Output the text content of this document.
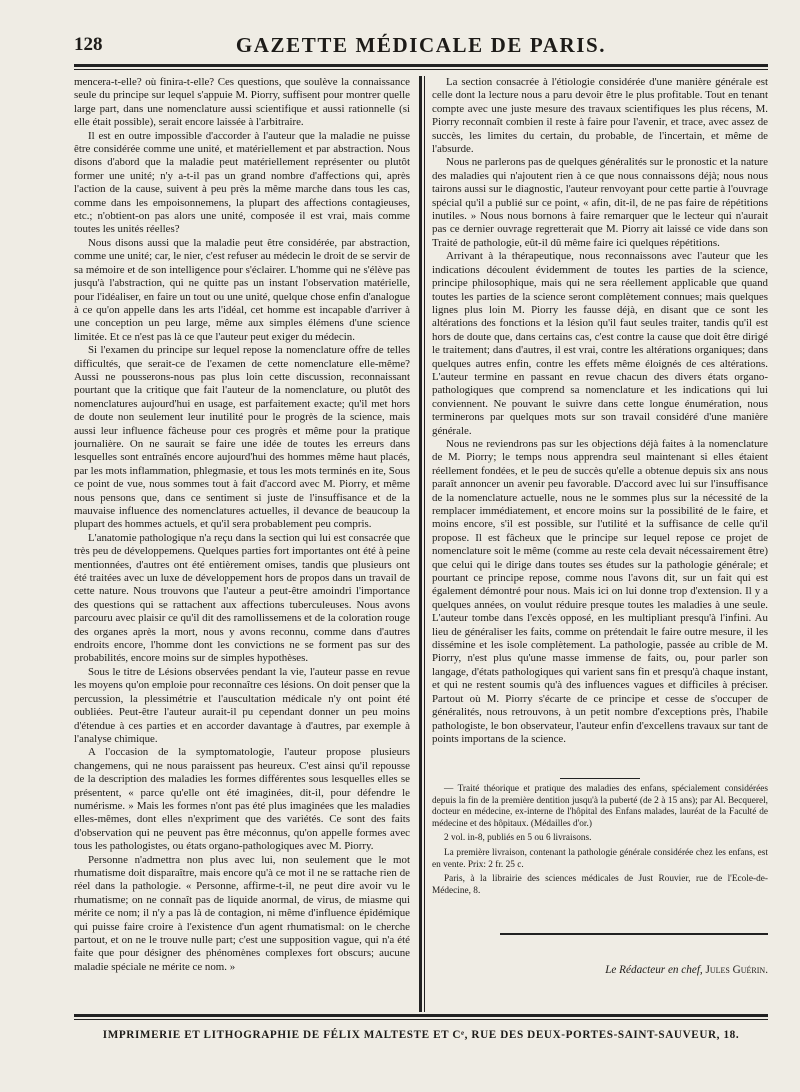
128	GAZETTE MÉDICALE DE PARIS.

mencera-t-elle? où finira-t-elle? Ces questions, que soulève la connaissance seule du principe sur lequel s'appuie M. Piorry, suffisent pour montrer quelle large part, dans une nomenclature aussi scientifique et aussi rationnelle (si elle était possible), serait encore laissée à l'arbitraire.

Il est en outre impossible d'accorder à l'auteur que la maladie ne puisse être considérée comme une unité, et matériellement et par abstraction. Nous disons d'abord que la maladie peut matériellement représenter ou plutôt former une unité; n'y a-t-il pas un grand nombre d'affections qui, après l'action de la cause, suivent à peu près la même marche dans tous les cas, comme dans les empoisonnemens, la plupart des affections contagieuses, etc.; n'obtient-on pas alors une unité, composée il est vrai, mais comme toutes les unités réelles?

Nous disons aussi que la maladie peut être considérée, par abstraction, comme une unité; car, le nier, c'est refuser au médecin le droit de se servir de sa mémoire et de son intelligence pour s'éclairer. L'homme qui ne s'élève pas jusqu'à l'abstraction, qui ne quitte pas un instant l'observation matérielle, pour l'idéaliser, en faire un tout ou une unité, quelque chose enfin d'analogue à ce qu'on appelle dans les arts l'idéal, cet homme est incapable d'arriver à une conception un peu large, même aux simples élémens d'une science limitée. Et ce n'est pas là ce que l'auteur peut exiger du médecin.

Si l'examen du principe sur lequel repose la nomenclature offre de telles difficultés, que serait-ce de l'examen de cette nomenclature elle-même? Aussi ne pousserons-nous pas plus loin cette discussion, reconnaissant pourtant que la critique que fait l'auteur de la nomenclature, ou plutôt des nomenclatures aujourd'hui en usage, est parfaitement exacte; qu'il met hors de doute non seulement leur inutilité pour le progrès de la science, mais aussi leur influence fâcheuse pour ces progrès et même pour la pratique journalière. On ne saurait se faire une idée de toutes les erreurs dans lesquelles sont entraînés encore aujourd'hui des hommes même haut placés, par les mots inflammation, phlegmasie, et tous les mots terminés en ite, Sous ce point de vue, nous sommes tout à fait d'accord avec M. Piorry, et même nous pensons que, dans ce sentiment si juste de l'insuffisance et de la mauvaise influence des nomenclatures actuelles, il devance de beaucoup la plupart des hommes actuels, et qu'il sera probablement peu compris.

L'anatomie pathologique n'a reçu dans la section qui lui est consacrée que très peu de développemens. Quelques parties fort importantes ont été à peine mentionnées, d'autres ont été entièrement omises, tandis que plusieurs ont été traitées avec un luxe de développement hors de propos dans un travail de cette nature. Nous trouvons que l'auteur a peut-être amoindri l'importance des questions qui se rattachent aux affections tuberculeuses. Nous avons parcouru avec plaisir ce qu'il dit des ramollissemens et de la coloration rouge des organes après la mort, nous y avons reconnu, comme dans d'autres endroits encore, l'homme dont les convictions ne se forment pas sur des probabilités, encore moins sur de simples hypothèses.

Sous le titre de Lésions observées pendant la vie, l'auteur passe en revue les moyens qu'on emploie pour reconnaître ces lésions. On doit penser que la percussion, la plessimétrie et l'auscultation médicale n'y ont point été oubliées. Peut-être l'auteur aurait-il pu cependant donner un peu moins d'étendue à ces parties et en accorder davantage à d'autres, par exemple à l'analyse chimique.

A l'occasion de la symptomatologie, l'auteur propose plusieurs changemens, qui ne nous paraissent pas heureux. C'est ainsi qu'il repousse de la description des maladies les formes différentes sous lesquelles elles se présentent, « parce qu'elle ont été imaginées, dit-il, pour défendre le numérisme. » Mais les formes n'ont pas été plus imaginées que les maladies elles-mêmes, dont elles n'expriment que des variétés. Ce sont des faits d'observation qui ne peuvent pas être méconnus, qu'on appelle formes avec tous les pathologistes, ou états organo-pathologiques avec M. Piorry.

Personne n'admettra non plus avec lui, non seulement que le mot rhumatisme doit disparaître, mais encore qu'à ce mot il ne se rattache rien de réel dans la pathologie. « Personne, affirme-t-il, ne peut dire avoir vu le rhumatisme; on ne connaît pas de liquide anormal, de virus, de miasme qui mérite ce nom; il n'y a pas là de contagion, ni même d'influence épidémique qui puisse faire croire à l'existence d'un agent rhumatismal: on le cherche partout, et on ne le trouve nulle part; c'est une supposition vague, qui n'a été faite que pour désigner des phénomènes complexes fort obscurs; aucune maladie spéciale ne mérite ce nom. »

La section consacrée à l'étiologie considérée d'une manière générale est celle dont la lecture nous a paru devoir être le plus profitable. Tout en tenant compte avec une juste mesure des travaux scientifiques les plus récens, M. Piorry reconnaît combien il reste à faire pour l'avenir, et trace, avec assez de succès, les limites du certain, du probable, de l'incertain, et même de l'absurde.

Nous ne parlerons pas de quelques généralités sur le pronostic et la nature des maladies qui n'ajoutent rien à ce que nous connaissons déjà; nous nous tairons aussi sur le diagnostic, l'auteur renvoyant pour cette partie à l'ouvrage spécial qu'il a publié sur ce point, « afin, dit-il, de ne pas faire de répétitions inutiles. » Nous nous bornons à faire remarquer que le lecteur qui n'aurait pas ce dernier ouvrage regretterait que M. Piorry ait laissé ce vide dans son Traité de pathologie, eût-il dû même faire ici quelques répétitions.

Arrivant à la thérapeutique, nous reconnaissons avec l'auteur que les indications découlent évidemment de toutes les parties de la science, principe philosophique, mais qui ne sera réellement applicable que quand toutes les parties de la science seront complètement connues; mais quelques lignes plus loin M. Piorry les fausse déjà, en disant que ce sont les altérations des fonctions et la lésion qu'il faut seules traiter, tandis qu'il est hors de doute que, dans certains cas, c'est contre la cause que doit être dirigé le traitement; dans d'autres, il est vrai, contre les altérations organiques; dans quelques autres enfin, contre les effets même éloignés de ces altérations. L'auteur termine en passant en revue chacun des divers états organo-pathologiques que comprend sa nomenclature et les indications qui lui conviennent. Ne pouvant le suivre dans cette longue énumération, nous terminerons par quelques mots sur son travail considéré d'une manière générale.

Nous ne reviendrons pas sur les objections déjà faites à la nomenclature de M. Piorry; le temps nous apprendra seul maintenant si elles étaient réellement fondées, et le peu de succès qu'elle a obtenue depuis six ans nous paraît annoncer un avenir peu favorable. D'accord avec lui sur l'insuffisance de la nomenclature actuelle, nous ne le sommes plus sur la nécessité de la remplacer immédiatement, et encore moins sur la possibilité de le faire, et moins encore, s'il est possible, sur l'utilité et la suffisance de celle qu'il propose. Il est fâcheux que le principe sur lequel repose ce projet de nomenclature soit le même (comme au reste cela devait nécessairement être) que celui qui le dirige dans toutes ses études sur la pathologie générale; et pourtant ce principe repose, comme nous l'avons dit, sur un fait qui est également démontré pour nous. Mais ici on lui donne trop d'extension. Il y a quelques années, on voulut réduire presque toutes les maladies à une seule. L'auteur tombe dans l'excès opposé, en les multipliant presqu'à l'infini. Au lieu de généraliser les faits, comme on prétendait le faire outre mesure, il les dissémine et les isole complètement. La pathologie, passée au crible de M. Piorry, n'est plus qu'une masse immense de faits, ou, pour parler son langage, d'états pathologiques qui varient sans fin et presqu'à chaque instant, et qui ne restent soumis qu'à des influences vagues et difficiles à préciser. Partout où M. Piorry s'écarte de ce principe et cesse de s'occuper de généralités, nous retrouvons, à un petit nombre d'exceptions près, l'habile pathologiste, le bon observateur, l'auteur enfin d'excellens travaux sur tant de points importans de la science.

— Traité théorique et pratique des maladies des enfans, spécialement considérées depuis la fin de la première dentition jusqu'à la puberté (de 2 à 15 ans); par Al. Becquerel, docteur en médecine, ex-interne de l'hôpital des Enfans malades, lauréat de la Faculté de médecine et des hôpitaux. (Médailles d'or.)

2 vol. in-8, publiés en 5 ou 6 livraisons.

La première livraison, contenant la pathologie générale considérée chez les enfans, est en vente. Prix: 2 fr. 25 c.

Paris, à la librairie des sciences médicales de Just Rouvier, rue de l'Ecole-de-Médecine, 8.

Le Rédacteur en chef, Jules Guérin.
IMPRIMERIE ET LITHOGRAPHIE DE FÉLIX MALTESTE ET Cᵉ, RUE DES DEUX-PORTES-SAINT-SAUVEUR, 18.
